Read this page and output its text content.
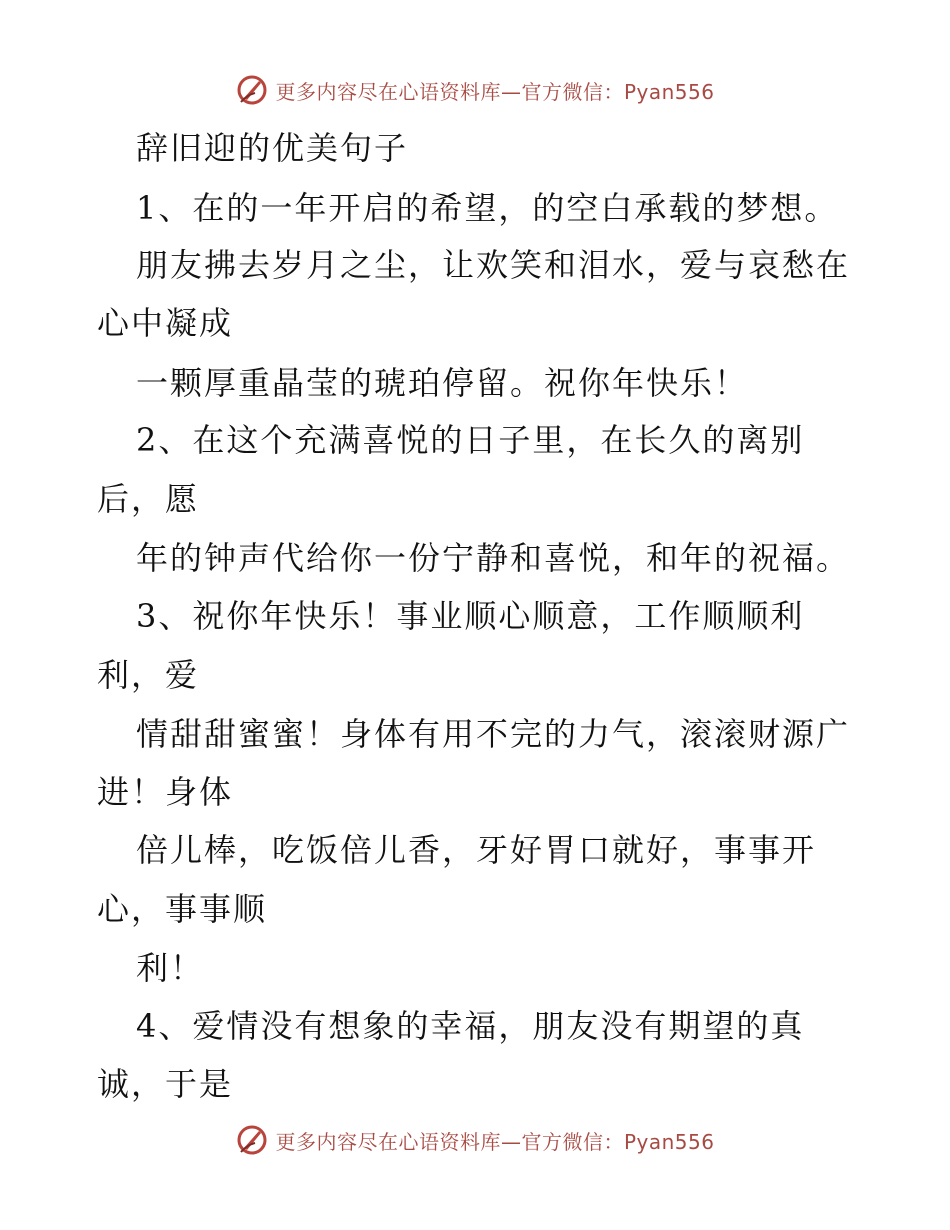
更多内容尽在心语资料库—官方微信：Pyan556
辞旧迎的优美句子
1、在的一年开启的希望，的空白承载的梦想。
朋友拂去岁月之尘，让欢笑和泪水，爱与哀愁在
心中凝成
一颗厚重晶莹的琥珀停留。祝你年快乐！
2、在这个充满喜悦的日子里，在长久的离别
后，愿
年的钟声代给你一份宁静和喜悦，和年的祝福。
3、祝你年快乐！事业顺心顺意，工作顺顺利
利，爱
情甜甜蜜蜜！身体有用不完的力气，滚滚财源广
进！身体
倍儿棒，吃饭倍儿香，牙好胃口就好，事事开
心，事事顺
利！
4、爱情没有想象的幸福，朋友没有期望的真
诚，于是
更多内容尽在心语资料库—官方微信：Pyan556
